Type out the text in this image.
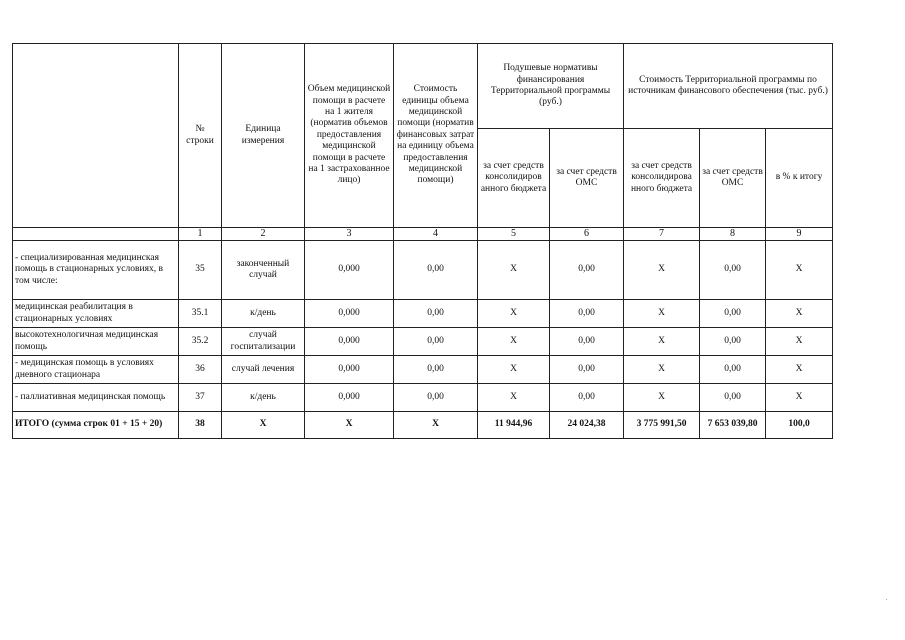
	№ строки	Единица измерения	Объем медицинской помощи в расчете на 1 жителя (норматив объемов предоставления медицинской помощи в расчете на 1 застрахованное лицо)	Стоимость единицы объема медицинской помощи (норматив финансовых затрат на единицу объема предоставления медицинской помощи)	Подушевые нормативы финансирования Территориальной программы (руб.)		Стоимость Территориальной программы по источникам финансового обеспечения (тыс. руб.)		
					за счет средств консолидиров анного бюджета	за счет средств ОМС	за счет средств консолидирова нного бюджета	за счет средств ОМС	в % к итогу
	1	2	3	4	5	6	7	8	9
- специализированная медицинская помощь в стационарных условиях, в том числе:	35	законченный случай	0,000	0,00	X	0,00	X	0,00	X
медицинская реабилитация в стационарных условиях	35.1	к/день	0,000	0,00	X	0,00	X	0,00	X
высокотехнологичная медицинская помощь	35.2	случай госпитализации	0,000	0,00	X	0,00	X	0,00	X
- медицинская помощь в условиях дневного стационара	36	случай лечения	0,000	0,00	X	0,00	X	0,00	X
- паллиативная медицинская помощь	37	к/день	0,000	0,00	X	0,00	X	0,00	X
ИТОГО (сумма строк 01 + 15 + 20)	38	X	X	X	11 944,96	24 024,38	3 775 991,50	7 653 039,80	100,0
